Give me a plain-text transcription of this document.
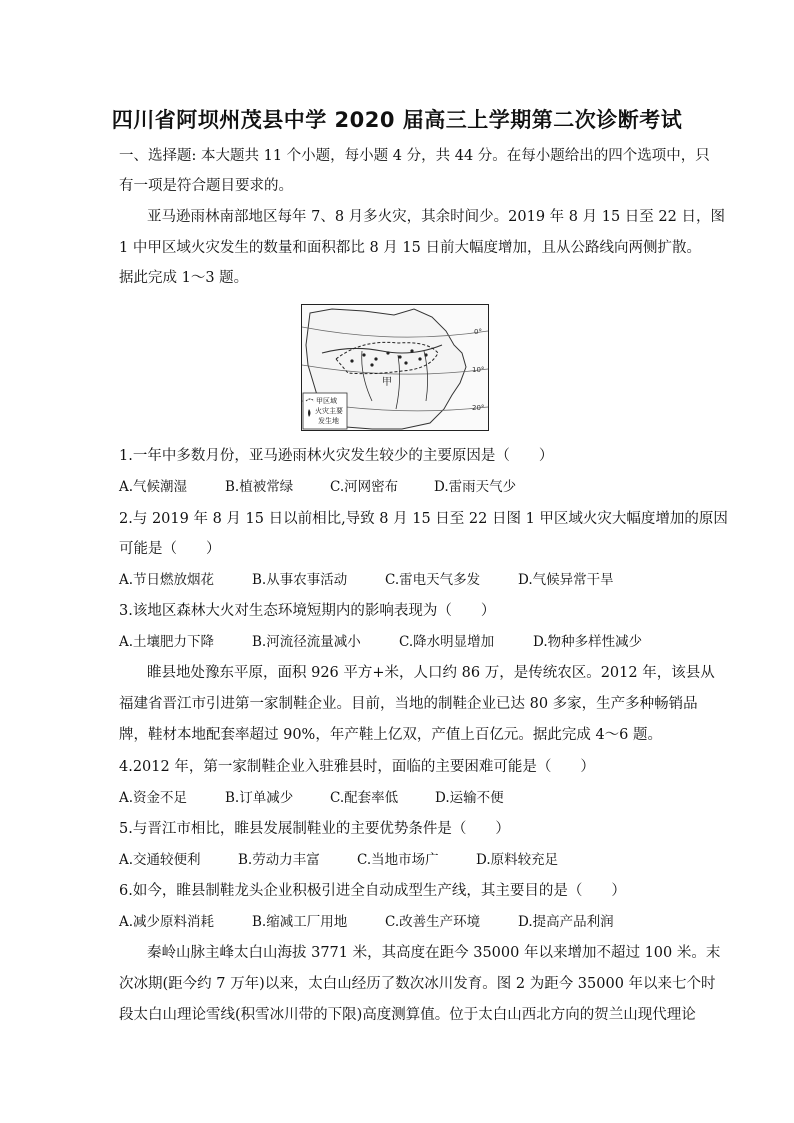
四川省阿坝州茂县中学 2020 届高三上学期第二次诊断考试
一、选择题: 本大题共 11 个小题，每小题 4 分，共 44 分。在每小题给出的四个选项中，只
有一项是符合题目要求的。
亚马逊雨林南部地区每年 7、8 月多火灾，其余时间少。2019 年 8 月 15 日至 22 日，图
1 中甲区域火灾发生的数量和面积都比 8 月 15 日前大幅度增加，且从公路线向两侧扩散。
据此完成 1～3 题。
0°
10°
20°
甲
甲区域
火灾主要
发生地
1.一年中多数月份，亚马逊雨林火灾发生较少的主要原因是（　　）
A.气候潮湿	B.植被常绿	C.河网密布	D.雷雨天气少
2.与 2019 年 8 月 15 日以前相比,导致 8 月 15 日至 22 日图 1 甲区域火灾大幅度增加的原因
可能是（　　）
A.节日燃放烟花	B.从事农事活动	C.雷电天气多发	D.气候异常干旱
3.该地区森林大火对生态环境短期内的影响表现为（　　）
A.土壤肥力下降	B.河流径流量减小	C.降水明显增加	D.物种多样性减少
睢县地处豫东平原，面积 926 平方+米，人口约 86 万，是传统农区。2012 年，该县从
福建省晋江市引进第一家制鞋企业。目前，当地的制鞋企业已达 80 多家，生产多种畅销品
牌，鞋材本地配套率超过 90%，年产鞋上亿双，产值上百亿元。据此完成 4～6 题。
4.2012 年，第一家制鞋企业入驻雅县时，面临的主要困难可能是（　　）
A.资金不足	B.订单减少	C.配套率低	D.运输不便
5.与晋江市相比，睢县发展制鞋业的主要优势条件是（　　）
A.交通较便利	B.劳动力丰富	C.当地市场广	D.原料较充足
6.如今，睢县制鞋龙头企业积极引进全自动成型生产线，其主要目的是（　　）
A.减少原料消耗	B.缩减工厂用地	C.改善生产环境	D.提高产品利润
秦岭山脉主峰太白山海拔 3771 米，其高度在距今 35000 年以来增加不超过 100 米。末
次冰期(距今约 7 万年)以来，太白山经历了数次冰川发育。图 2 为距今 35000 年以来七个时
段太白山理论雪线(积雪冰川带的下限)高度测算值。位于太白山西北方向的贺兰山现代理论
